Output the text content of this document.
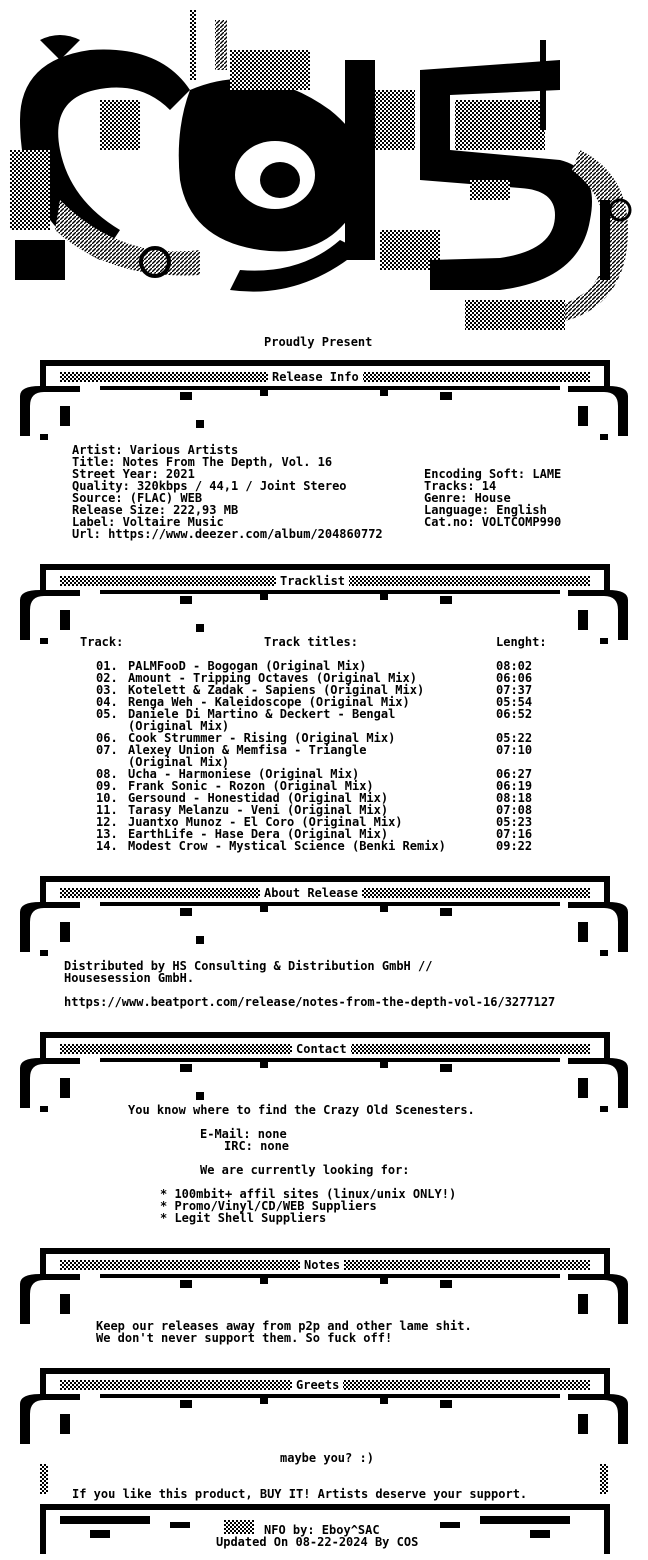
Proudly Present
Release Info
Artist: Various Artists
Title: Notes From The Depth, Vol. 16
Street Year: 2021
Quality: 320kbps / 44,1 / Joint Stereo
Source: (FLAC) WEB
Release Size: 222,93 MB
Label: Voltaire Music
Url: https://www.deezer.com/album/204860772
Encoding Soft: LAME
Tracks: 14
Genre: House
Language: English
Cat.no: VOLTCOMP990
Tracklist
Track:	Track titles:	Lenght:
01. PALMFooD - Bogogan (Original Mix)	08:02
02. Amount - Tripping Octaves (Original Mix)	06:06
03. Kotelett & Zadak - Sapiens (Original Mix)	07:37
04. Renga Weh - Kaleidoscope (Original Mix)	05:54
05. Daniele Di Martino & Deckert - Bengal	06:52
(Original Mix)
06. Cook Strummer - Rising (Original Mix)	05:22
07. Alexey Union & Memfisa - Triangle	07:10
(Original Mix)
08. Ucha - Harmoniese (Original Mix)	06:27
09. Frank Sonic - Rozon (Original Mix)	06:19
10. Gersound - Honestidad (Original Mix)	08:18
11. Tarasy Melanzu - Veni (Original Mix)	07:08
12. Juantxo Munoz - El Coro (Original Mix)	05:23
13. EarthLife - Hase Dera (Original Mix)	07:16
14. Modest Crow - Mystical Science (Benki Remix)	09:22
About Release
Distributed by HS Consulting & Distribution GmbH //
Housesession GmbH.
https://www.beatport.com/release/notes-from-the-depth-vol-16/3277127
Contact
You know where to find the Crazy Old Scenesters.
E-Mail: none
IRC: none
We are currently looking for:
* 100mbit+ affil sites (linux/unix ONLY!)
* Promo/Vinyl/CD/WEB Suppliers
* Legit Shell Suppliers
Notes
Keep our releases away from p2p and other lame shit.
We don't never support them. So fuck off!
Greets
maybe you? :)
If you like this product, BUY IT! Artists deserve your support.
NFO by: Eboy^SAC
Updated On 08-22-2024 By COS
